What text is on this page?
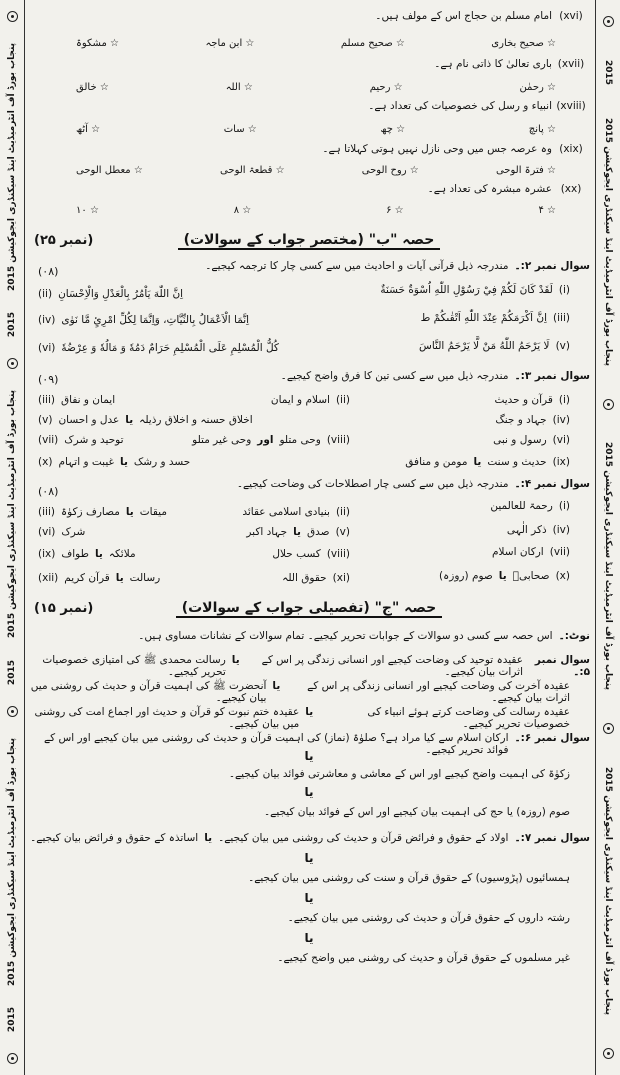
پنجاب بورڈ آف انٹرمیڈیٹ اینڈ سیکنڈری ایجوکیشن 2015
2015
پنجاب بورڈ آف انٹرمیڈیٹ اینڈ سیکنڈری ایجوکیشن 2015
2015
پنجاب بورڈ آف انٹرمیڈیٹ اینڈ سیکنڈری ایجوکیشن 2015
2015
2015
پنجاب بورڈ آف انٹرمیڈیٹ اینڈ سیکنڈری ایجوکیشن 2015
پنجاب بورڈ آف انٹرمیڈیٹ اینڈ سیکنڈری ایجوکیشن 2015
پنجاب بورڈ آف انٹرمیڈیٹ اینڈ سیکنڈری ایجوکیشن 2015
(xvi)
امام مسلم بن حجاج اس کے مولف ہیں۔
☆ صحیح بخاری
☆ صحیح مسلم
☆ ابن ماجہ
☆ مشکوۃ
(xvii)
باری تعالیٰ کا ذاتی نام ہے۔
☆ رحمٰن
☆ رحیم
☆ اللہ
☆ خالق
(xviii)
انبیاء و رسل کی خصوصیات کی تعداد ہے۔
☆ پانچ
☆ چھ
☆ سات
☆ آٹھ
(xix)
وہ عرصہ جس میں وحی نازل نہیں ہوتی کہلاتا ہے۔
☆ فترۃ الوحی
☆ روح الوحی
☆ قطعۃ الوحی
☆ معطل الوحی
(xx)
عشرہ مبشرہ کی تعداد ہے۔
☆ ۴
☆ ۶
☆ ۸
☆ ۱۰
حصہ "ب" (مختصر جواب کے سوالات)
(نمبر ۲۵)
سوال نمبر ۲:۔
مندرجہ ذیل قرآنی آیات و احادیث میں سے کسی چار کا ترجمہ کیجیے۔
(۰۸)
(i)
لَقَدْ كَانَ لَكُمْ فِيْ رَسُوْلِ اللّٰهِ اُسْوَةٌ حَسَنَةٌ
اِنَّ اللّٰهَ يَاْمُرُ بِالْعَدْلِ وَالْاِحْسَانِ
(ii)
(iii)
اِنَّ اَكْرَمَكُمْ عِنْدَ اللّٰهِ اَتْقٰىكُمْ ط
اِنَّمَا الْاَعْمَالُ بِالنِّيَّاتِ، وَاِنَّمَا لِكُلِّ امْرِئٍ مَّا نَوٰى
(iv)
(v)
لَا يَرْحَمُ اللّٰهُ مَنْ لَّا يَرْحَمُ النَّاسَ
كُلُّ الْمُسْلِمِ عَلَى الْمُسْلِمِ حَرَامٌ دَمُهٗ وَ مَالُهٗ وَ عِرْضُهٗ
(vi)
سوال نمبر ۳:۔
مندرجہ ذیل میں سے کسی تین کا فرق واضح کیجیے۔
(۰۹)
(i)
قرآن و حدیث
(ii)
اسلام و ایمان
ایمان و نفاق
(iii)
(iv)
جہاد و جنگ
اخلاق حسنہ و اخلاق رذیلہ
یا
عدل و احسان
(v)
(vi)
رسول و نبی
توحید و شرک
(vii)	(viii)
وحی متلو
اور
وحی غیر متلو
(ix)
حدیث و سنت
یا
مومن و منافق
حسد و رشک
یا
غیبت و اتہام
(x)
سوال نمبر ۴:۔
مندرجہ ذیل میں سے کسی چار اصطلاحات کی وضاحت کیجیے۔
(۰۸)
(i)
رحمۃ للعالمین
(ii)
بنیادی اسلامی عقائد
میقات
یا
مصارف زکوٰۃ
(iii)
(iv)
ذکر الٰہی
(v)
صدق
یا
جہاد اکبر
شرک
(vi)
(vii)
ارکان اسلام
(viii)
کسب حلال
ملائکہ
یا
طواف
(ix)
(x)
صحابیؓ
یا
صوم (روزہ)
(xi)
حقوق اللہ
رسالت
یا
قرآن کریم
(xii)
حصہ "ج" (تفصیلی جواب کے سوالات)
(نمبر ۱۵)
نوٹ:۔
اس حصہ سے کسی دو سوالات کے جوابات تحریر کیجیے۔ تمام سوالات کے نشانات مساوی ہیں۔
سوال نمبر ۵:۔
عقیدہ توحید کی وضاحت کیجیے اور انسانی زندگی پر اس کے اثرات بیان کیجیے۔
یا
رسالت محمدی ﷺ کی امتیازی خصوصیات تحریر کیجیے۔
عقیدہ آخرت کی وضاحت کیجیے اور انسانی زندگی پر اس کے اثرات بیان کیجیے۔
یا
آنحضرت ﷺ کی اہمیت قرآن و حدیث کی روشنی میں بیان کیجیے۔
عقیدہ رسالت کی وضاحت کرتے ہوئے انبیاء کی خصوصیات تحریر کیجیے۔
یا
عقیدہ ختم نبوت کو قرآن و حدیث اور اجماع امت کی روشنی میں بیان کیجیے۔
سوال نمبر ۶:۔
ارکان اسلام سے کیا مراد ہے؟ صلوٰۃ (نماز) کی اہمیت قرآن و حدیث کی روشنی میں بیان کیجیے اور اس کے فوائد تحریر کیجیے۔
یا
زکوٰۃ کی اہمیت واضح کیجیے اور اس کے معاشی و معاشرتی فوائد بیان کیجیے۔
یا
صوم (روزہ) یا حج کی اہمیت بیان کیجیے اور اس کے فوائد بیان کیجیے۔
سوال نمبر ۷:۔
اولاد کے حقوق و فرائض قرآن و حدیث کی روشنی میں بیان کیجیے۔
یا
اساتذہ کے حقوق و فرائض بیان کیجیے۔
یا
ہمسائیوں (پڑوسیوں) کے حقوق قرآن و سنت کی روشنی میں بیان کیجیے۔
یا
رشتہ داروں کے حقوق قرآن و حدیث کی روشنی میں بیان کیجیے۔
یا
غیر مسلموں کے حقوق قرآن و حدیث کی روشنی میں واضح کیجیے۔
